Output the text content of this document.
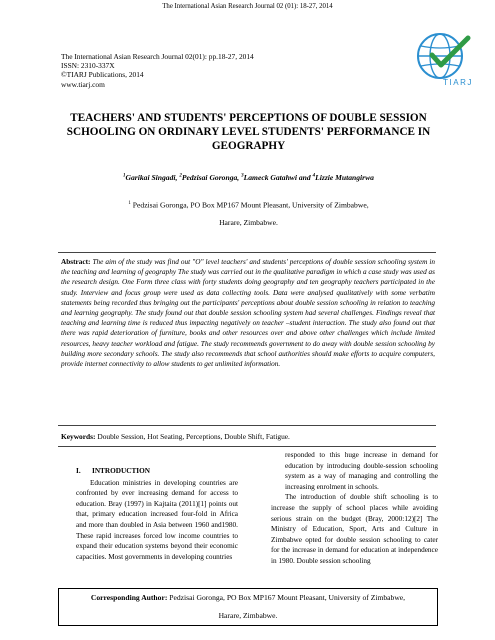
The International Asian Research Journal 02 (01): 18-27, 2014
The International Asian Research Journal 02(01): pp.18-27, 2014
ISSN: 2310-337X
©TIARJ Publications, 2014
www.tiarj.com	TIARJ
TEACHERS' AND STUDENTS' PERCEPTIONS OF DOUBLE SESSION SCHOOLING ON ORDINARY LEVEL STUDENTS' PERFORMANCE IN GEOGRAPHY
$^1$Garikai Singadi, $^2$Pedzisai Goronga, $^3$Lameck Gatahwi and $^4$Lizzie Mutangirwa
$^1$ Pedzisai Goronga, PO Box MP167 Mount Pleasant, University of Zimbabwe,
Harare, Zimbabwe.
Abstract: The aim of the study was find out "O" level teachers' and students' perceptions of double session schooling system in the teaching and learning of geography The study was carried out in the qualitative paradigm in which a case study was used as the research design. One Form three class with forty students doing geography and ten geography teachers participated in the study. Interview and focus group were used as data collecting tools. Data were analysed qualitatively with some verbatim statements being recorded thus bringing out the participants' perceptions about double session schooling in relation to teaching and learning geography. The study found out that double session schooling system had several challenges. Findings reveal that teaching and learning time is reduced thus impacting negatively on teacher –student interaction. The study also found out that there was rapid deterioration of furniture, books and other resources over and above other challenges which include limited resources, heavy teacher workload and fatigue. The study recommends government to do away with double session schooling by building more secondary schools. The study also recommends that school authorities should make efforts to acquire computers, provide internet connectivity to allow students to get unlimited information.
Keywords: Double Session, Hot Seating, Perceptions, Double Shift, Fatigue.
I. INTRODUCTION
Education ministries in developing countries are confronted by ever increasing demand for access to education. Bray (1997) in Kajtaita (2011)[1] points out that, primary education increased four-fold in Africa and more than doubled in Asia between 1960 and1980. These rapid increases forced low income countries to expand their education systems beyond their economic capacities. Most governments in developing countries
responded to this huge increase in demand for education by introducing double-session schooling system as a way of managing and controlling the increasing enrolment in schools.
The introduction of double shift schooling is to increase the supply of school places while avoiding serious strain on the budget (Bray, 2000:12)[2] The Ministry of Education, Sport, Arts and Culture in Zimbabwe opted for double session schooling to cater for the increase in demand for education at independence in 1980. Double session schooling
Corresponding Author: Pedzisai Goronga, PO Box MP167 Mount Pleasant, University of Zimbabwe,
Harare, Zimbabwe.
